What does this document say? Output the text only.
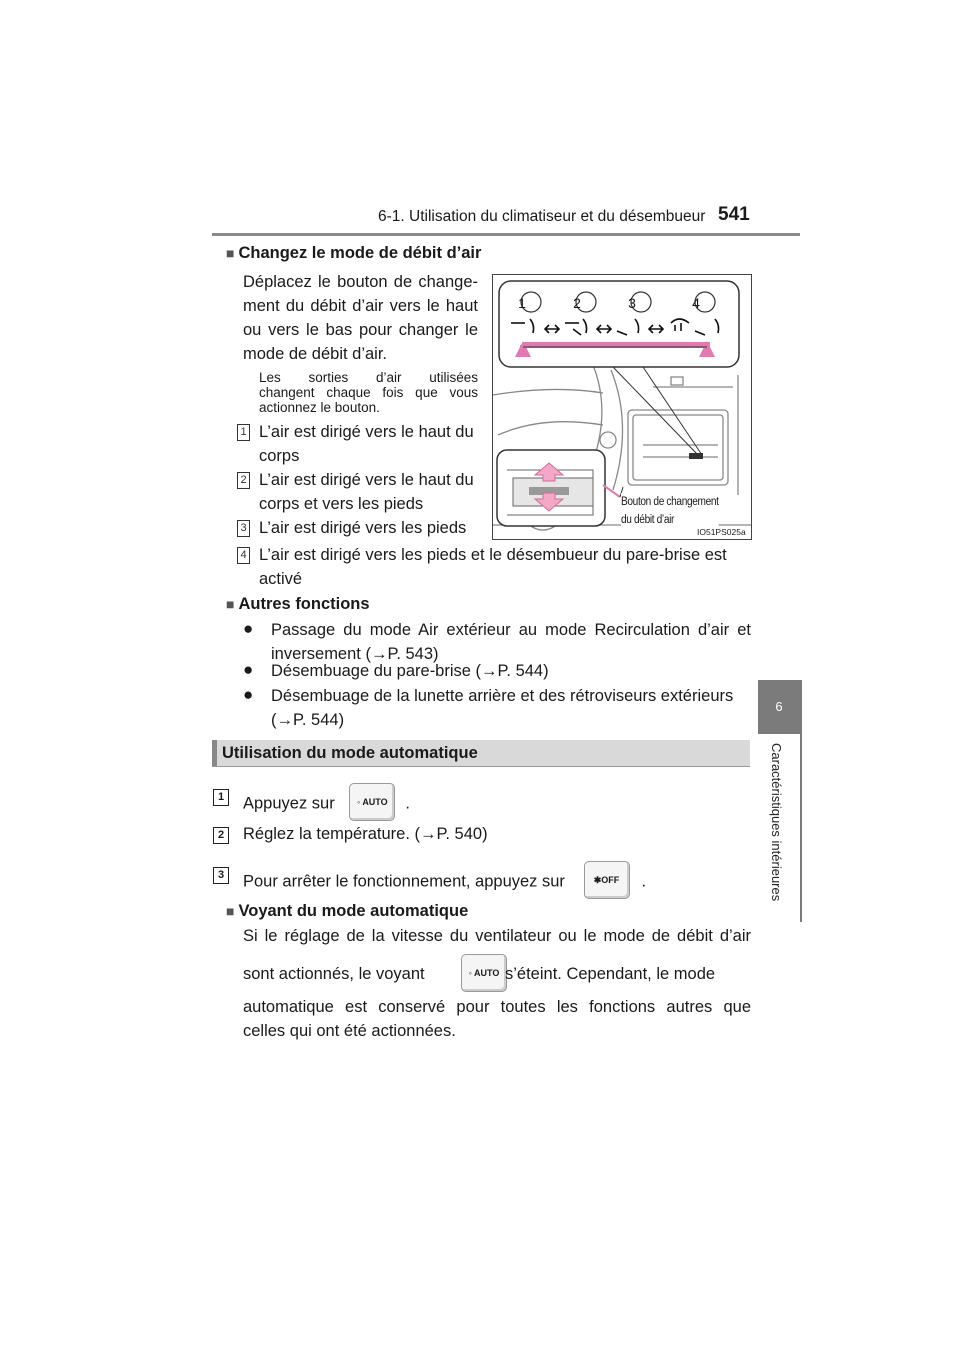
6-1. Utilisation du climatiseur et du désembueur 541
6
Caractéristiques intérieures
■ Changez le mode de débit d’air
Déplacez le bouton de change-
ment du débit d’air vers le haut
ou vers le bas pour changer le
mode de débit d’air.
Les sorties d’air utilisées
changent chaque fois que vous
actionnez le bouton.
1 L’air est dirigé vers le haut du
corps
2 L’air est dirigé vers le haut du
corps et vers les pieds
3 L’air est dirigé vers les pieds
4 L’air est dirigé vers les pieds et le désembueur du pare-brise est
activé
1	2	3	4
Bouton de changement
du débit d’air
IO51PS025a
■ Autres fonctions
● Passage du mode Air extérieur au mode Recirculation d’air et
inversement (→P. 543)
● Désembuage du pare-brise (→P. 544)
● Désembuage de la lunette arrière et des rétroviseurs extérieurs
(→P. 544)
Utilisation du mode automatique
1 Appuyez sur ◦ AUTO .
2 Réglez la température. (→P. 540)
3 Pour arrêter le fonctionnement, appuyez sur	✱OFF .
■ Voyant du mode automatique
Si le réglage de la vitesse du ventilateur ou le mode de débit d’air
sont actionnés, le voyant	◦ AUTO s’éteint. Cependant, le mode
automatique est conservé pour toutes les fonctions autres que
celles qui ont été actionnées.
